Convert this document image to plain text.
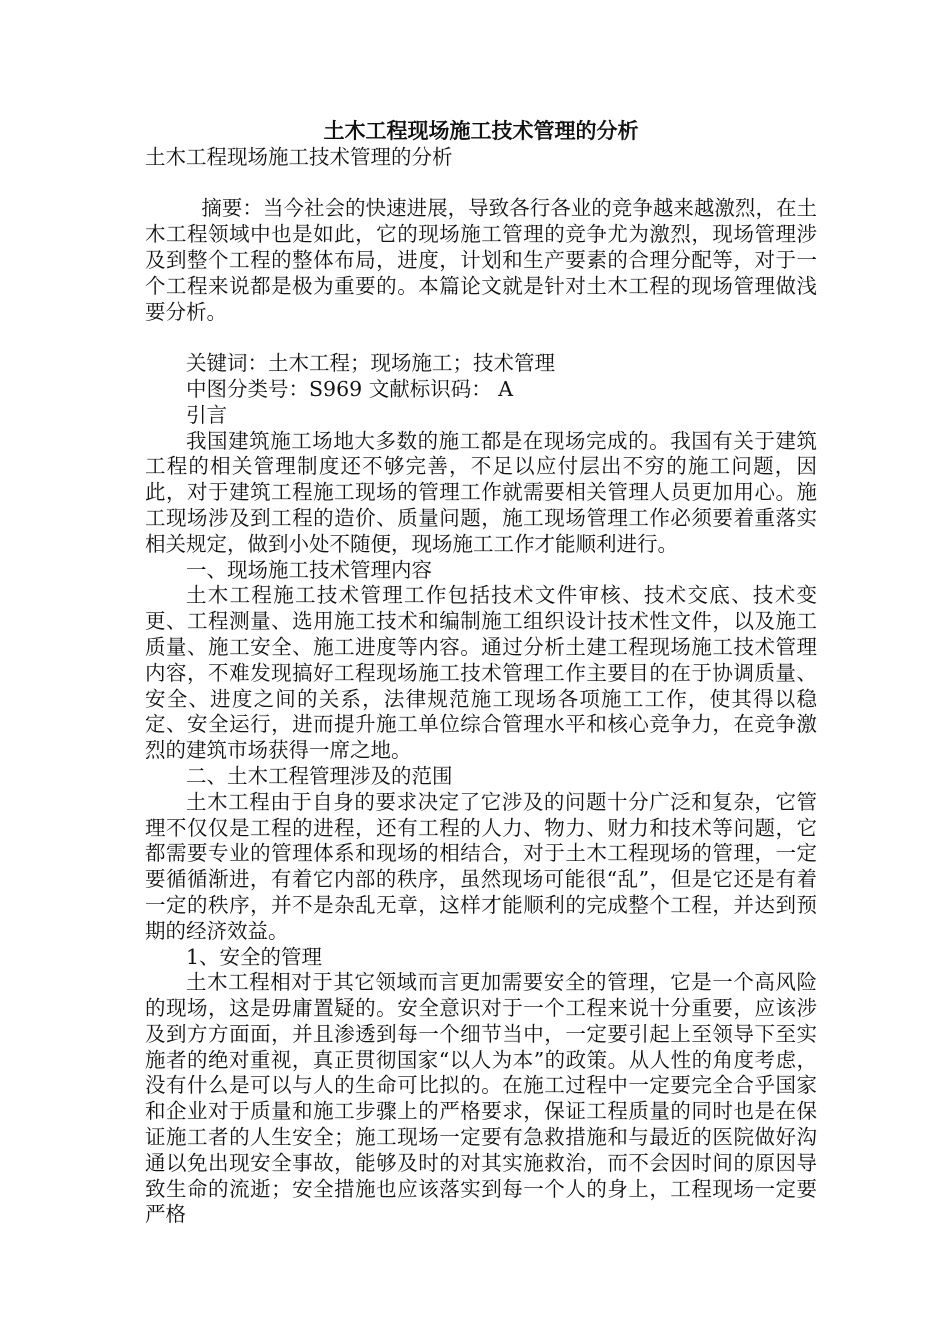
土木工程现场施工技术管理的分析
土木工程现场施工技术管理的分析

摘要：当今社会的快速进展，导致各行各业的竞争越来越激烈，在土木工程领域中也是如此，它的现场施工管理的竞争尤为激烈，现场管理涉及到整个工程的整体布局，进度，计划和生产要素的合理分配等，对于一个工程来说都是极为重要的。本篇论文就是针对土木工程的现场管理做浅要分析。

关键词：土木工程；现场施工；技术管理

中图分类号：S969 文献标识码： A

引言

我国建筑施工场地大多数的施工都是在现场完成的。我国有关于建筑工程的相关管理制度还不够完善，不足以应付层出不穷的施工问题，因此，对于建筑工程施工现场的管理工作就需要相关管理人员更加用心。施工现场涉及到工程的造价、质量问题，施工现场管理工作必须要着重落实相关规定，做到小处不随便，现场施工工作才能顺利进行。

一、现场施工技术管理内容

土木工程施工技术管理工作包括技术文件审核、技术交底、技术变更、工程测量、选用施工技术和编制施工组织设计技术性文件，以及施工质量、施工安全、施工进度等内容。通过分析土建工程现场施工技术管理内容，不难发现搞好工程现场施工技术管理工作主要目的在于协调质量、安全、进度之间的关系，法律规范施工现场各项施工工作，使其得以稳定、安全运行，进而提升施工单位综合管理水平和核心竞争力，在竞争激烈的建筑市场获得一席之地。

二、土木工程管理涉及的范围

土木工程由于自身的要求决定了它涉及的问题十分广泛和复杂，它管理不仅仅是工程的进程，还有工程的人力、物力、财力和技术等问题，它都需要专业的管理体系和现场的相结合，对于土木工程现场的管理，一定要循循渐进，有着它内部的秩序，虽然现场可能很“乱”，但是它还是有着一定的秩序，并不是杂乱无章，这样才能顺利的完成整个工程，并达到预期的经济效益。

1、安全的管理

土木工程相对于其它领域而言更加需要安全的管理，它是一个高风险的现场，这是毋庸置疑的。安全意识对于一个工程来说十分重要，应该涉及到方方面面，并且渗透到每一个细节当中，一定要引起上至领导下至实施者的绝对重视，真正贯彻国家“以人为本”的政策。从人性的角度考虑，没有什么是可以与人的生命可比拟的。在施工过程中一定要完全合乎国家和企业对于质量和施工步骤上的严格要求，保证工程质量的同时也是在保证施工者的人生安全；施工现场一定要有急救措施和与最近的医院做好沟通以免出现安全事故，能够及时的对其实施救治，而不会因时间的原因导致生命的流逝；安全措施也应该落实到每一个人的身上，工程现场一定要严格
